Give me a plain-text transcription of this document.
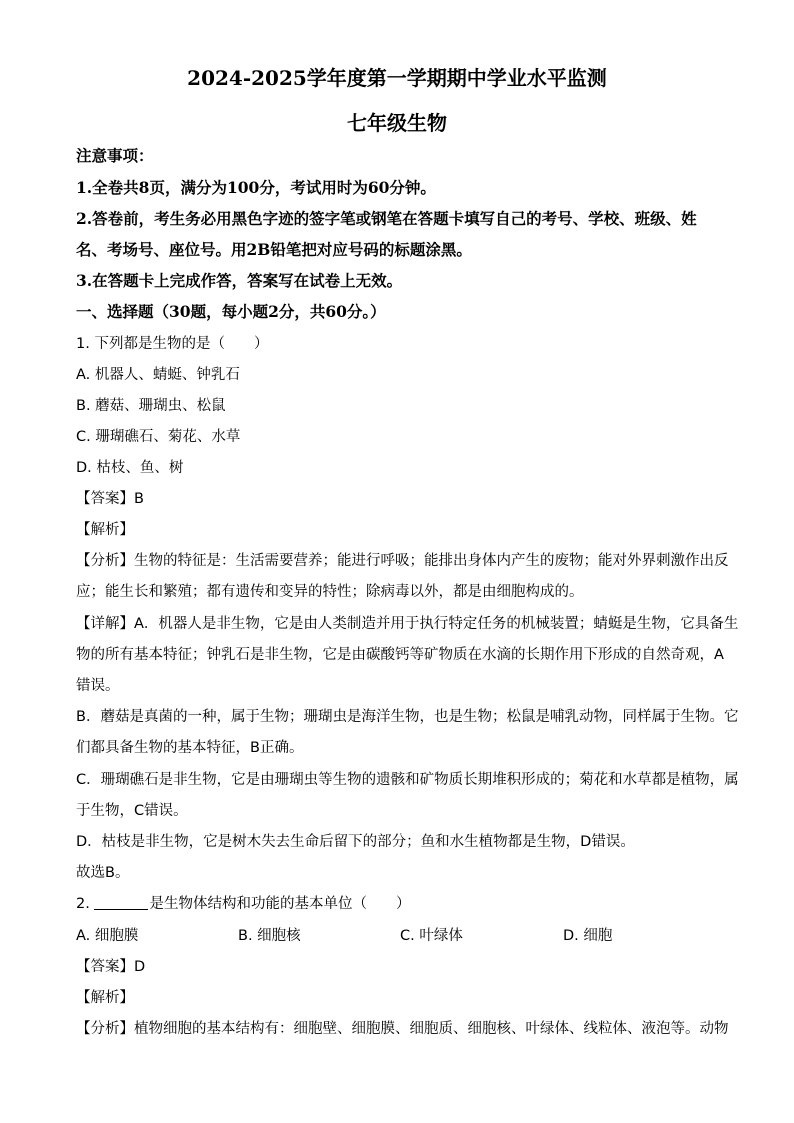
2024-2025学年度第一学期期中学业水平监测
七年级生物
注意事项：
1.全卷共8页，满分为100分，考试用时为60分钟。
2.答卷前，考生务必用黑色字迹的签字笔或钢笔在答题卡填写自己的考号、学校、班级、姓
名、考场号、座位号。用2B铅笔把对应号码的标题涂黑。
3.在答题卡上完成作答，答案写在试卷上无效。
一、选择题（30题，每小题2分，共60分。）
1. 下列都是生物的是（　　）
A. 机器人、蜻蜓、钟乳石
B. 蘑菇、珊瑚虫、松鼠
C. 珊瑚礁石、菊花、水草
D. 枯枝、鱼、树
【答案】B
【解析】
【分析】生物的特征是：生活需要营养；能进行呼吸；能排出身体内产生的废物；能对外界刺激作出反
应；能生长和繁殖；都有遗传和变异的特性；除病毒以外，都是由细胞构成的。
【详解】A．机器人是非生物，它是由人类制造并用于执行特定任务的机械装置；蜻蜓是生物，它具备生
物的所有基本特征；钟乳石是非生物，它是由碳酸钙等矿物质在水滴的长期作用下形成的自然奇观，A
错误。
B．蘑菇是真菌的一种，属于生物；珊瑚虫是海洋生物，也是生物；松鼠是哺乳动物，同样属于生物。它
们都具备生物的基本特征，B正确。
C．珊瑚礁石是非生物，它是由珊瑚虫等生物的遗骸和矿物质长期堆积形成的；菊花和水草都是植物，属
于生物，C错误。
D．枯枝是非生物，它是树木失去生命后留下的部分；鱼和水生植物都是生物，D错误。
故选B。
2.	是生物体结构和功能的基本单位（　　）
A. 细胞膜	B. 细胞核	C. 叶绿体	D. 细胞
【答案】D
【解析】
【分析】植物细胞的基本结构有：细胞壁、细胞膜、细胞质、细胞核、叶绿体、线粒体、液泡等。动物
